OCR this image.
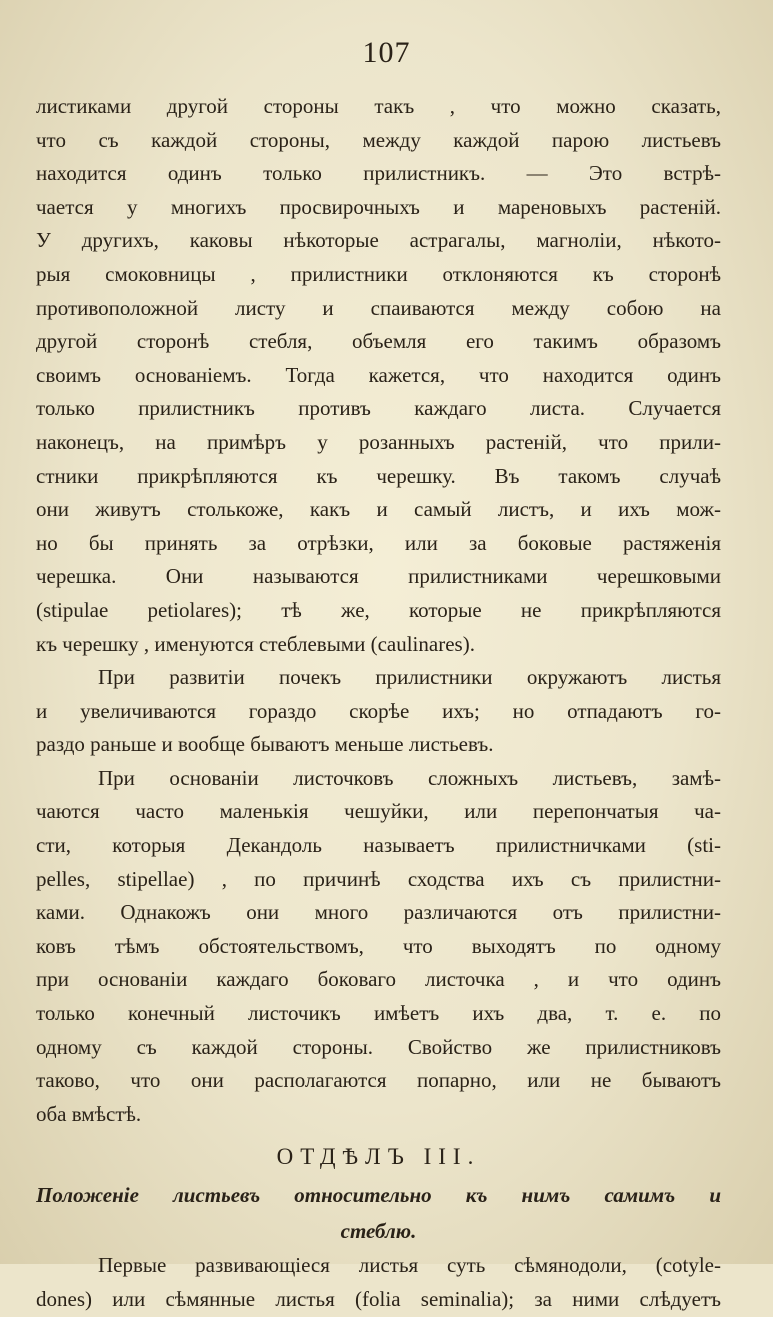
107
листиками другой стороны такъ , что можно сказать,
что съ каждой стороны, между каждой парою листьевъ
находится одинъ только прилистникъ. — Это встрѣ-
чается у многихъ просвирочныхъ и мареновыхъ растеній.
У другихъ, каковы нѣкоторые астрагалы, магноліи, нѣкото-
рыя смоковницы , прилистники отклоняются къ сторонѣ
противоположной листу и спаиваются между собою на
другой сторонѣ стебля, объемля его такимъ образомъ
своимъ основаніемъ. Тогда кажется, что находится одинъ
только прилистникъ противъ каждаго листа. Случается
наконецъ, на примѣръ у розанныхъ растеній, что прили-
стники прикрѣпляются къ черешку. Въ такомъ случаѣ
они живутъ столькоже, какъ и самый листъ, и ихъ мож-
но бы принять за отрѣзки, или за боковые растяженія
черешка. Они называются прилистниками черешковыми
(stipulae petiolares); тѣ же, которые не прикрѣпляются
къ черешку , именуются стеблевыми (caulinares).
При развитіи почекъ прилистники окружаютъ листья
и увеличиваются гораздо скорѣе ихъ; но отпадаютъ го-
раздо раньше и вообще бываютъ меньше листьевъ.
При основаніи листочковъ сложныхъ листьевъ, замѣ-
чаются часто маленькія чешуйки, или перепончатыя ча-
сти, которыя Декандоль называетъ прилистничками (sti-
pelles, stipellae) , по причинѣ сходства ихъ съ прилистни-
ками. Однакожъ они много различаются отъ прилистни-
ковъ тѣмъ обстоятельствомъ, что выходятъ по одному
при основаніи каждаго боковаго листочка , и что одинъ
только конечный листочикъ имѣетъ ихъ два, т. е. по
одному съ каждой стороны. Свойство же прилистниковъ
таково, что они располагаются попарно, или не бываютъ
оба вмѣстѣ.
ОТДѢЛЪ III.
Положеніе листьевъ относительно къ нимъ самимъ и
стеблю.
Первые развивающіеся листья суть сѣмянодоли, (cotyle-
dones) или сѣмянные листья (folia seminalia); за ними слѣдуетъ
